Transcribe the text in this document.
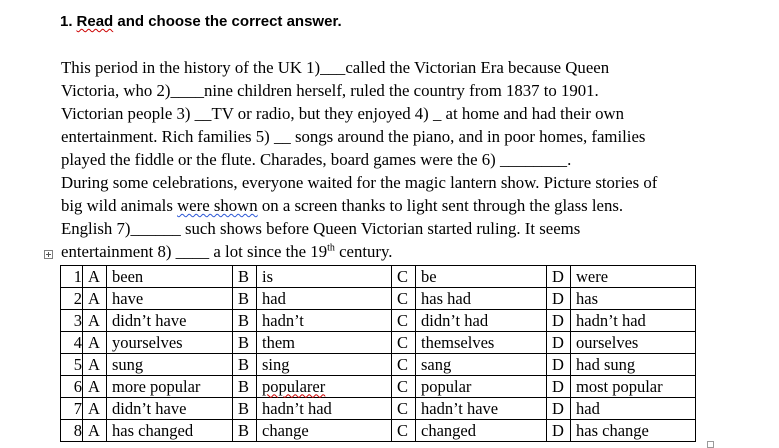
1. Read and choose the correct answer.
This period in the history of the UK 1)___called the Victorian Era because Queen
Victoria, who 2)____nine children herself, ruled the country from 1837 to 1901.
Victorian people 3) __TV or radio, but they enjoyed 4) _ at home and had their own
entertainment. Rich families 5) __ songs around the piano, and in poor homes, families
played the fiddle or the flute. Charades, board games were the 6) ________.
During some celebrations, everyone waited for the magic lantern show. Picture stories of
big wild animals were shown on a screen thanks to light sent through the glass lens.
English 7)______ such shows before Queen Victorian started ruling. It seems
entertainment 8) ____ a lot since the 19th century.
1	A	been	B	is	C	be	D	were
2	A	have	B	had	C	has had	D	has
3	A	didn’t have	B	hadn’t	C	didn’t had	D	hadn’t had
4	A	yourselves	B	them	C	themselves	D	ourselves
5	A	sung	B	sing	C	sang	D	had sung
6	A	more popular	B	popularer	C	popular	D	most popular
7	A	didn’t have	B	hadn’t had	C	hadn’t have	D	had
8	A	has changed	B	change	C	changed	D	has change
